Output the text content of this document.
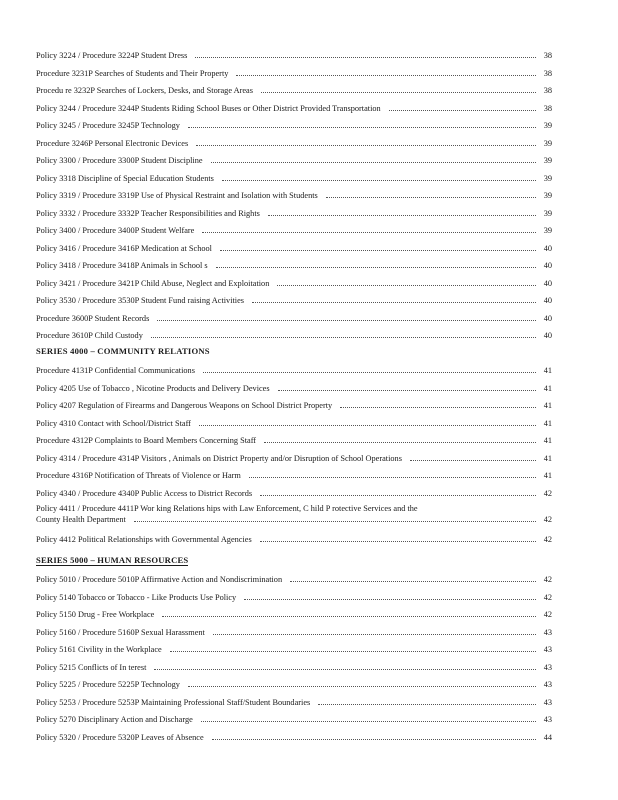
Policy 3224 / Procedure 3224P Student Dress	38
Procedure 3231P Searches of Students and Their Property	38
Procedu re 3232P Searches of Lockers, Desks, and Storage Areas	38
Policy 3244 / Procedure 3244P Students Riding School Buses or Other District Provided Transportation	38
Policy 3245 / Procedure 3245P Technology	39
Procedure 3246P Personal Electronic Devices	39
Policy 3300 / Procedure 3300P Student Discipline	39
Policy 3318 Discipline of Special Education Students	39
Policy 3319 / Procedure 3319P Use of Physical Restraint and Isolation with Students	39
Policy 3332 / Procedure 3332P Teacher Responsibilities and Rights	39
Policy 3400 / Procedure 3400P Student Welfare	39
Policy 3416 / Procedure 3416P Medication at School	40
Policy 3418 / Procedure 3418P Animals in School s	40
Policy 3421 / Procedure 3421P Child Abuse, Neglect and Exploitation	40
Policy 3530 / Procedure 3530P Student Fund raising Activities	40
Procedure 3600P Student Records	40
Procedure 3610P Child Custody	40
SERIES 4000 – COMMUNITY RELATIONS
Procedure 4131P Confidential Communications	41
Policy 4205 Use of Tobacco , Nicotine Products and Delivery Devices	41
Policy 4207 Regulation of Firearms and Dangerous Weapons on School District Property	41
Policy 4310 Contact with School/District Staff	41
Procedure 4312P Complaints to Board Members Concerning Staff	41
Policy 4314 / Procedure 4314P Visitors , Animals on District Property and/or Disruption of School Operations	41
Procedure 4316P Notification of Threats of Violence or Harm	41
Policy 4340 / Procedure 4340P Public Access to District Records	42
Policy 4411 / Procedure 4411P Wor king Relations hips with Law Enforcement, C hild P rotective Services and the
County Health Department	42
Policy 4412 Political Relationships with Governmental Agencies	42
SERIES 5000 – HUMAN RESOURCES
Policy 5010 / Procedure 5010P Affirmative Action and Nondiscrimination	42
Policy 5140 Tobacco or Tobacco - Like Products Use Policy	42
Policy 5150 Drug - Free Workplace	42
Policy 5160 / Procedure 5160P Sexual Harassment	43
Policy 5161 Civility in the Workplace	43
Policy 5215 Conflicts of In terest	43
Policy 5225 / Procedure 5225P Technology	43
Policy 5253 / Procedure 5253P Maintaining Professional Staff/Student Boundaries	43
Policy 5270 Disciplinary Action and Discharge	43
Policy 5320 / Procedure 5320P Leaves of Absence	44
